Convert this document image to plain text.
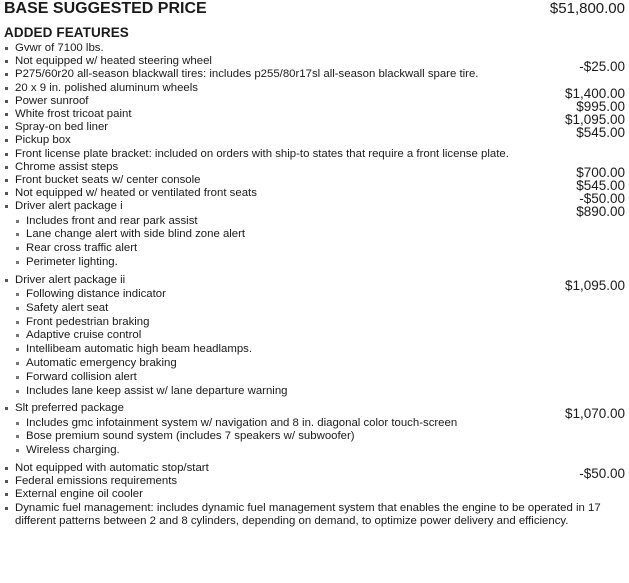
BASE SUGGESTED PRICE	$51,800.00
ADDED FEATURES
Gvwr of 7100 lbs.
Not equipped w/ heated steering wheel	-$25.00
P275/60r20 all-season blackwall tires: includes p255/80r17sl all-season blackwall spare tire.
20 x 9 in. polished aluminum wheels	$1,400.00
Power sunroof	$995.00
White frost tricoat paint	$1,095.00
Spray-on bed liner	$545.00
Pickup box
Front license plate bracket: included on orders with ship-to states that require a front license plate.
Chrome assist steps	$700.00
Front bucket seats w/ center console	$545.00
Not equipped w/ heated or ventilated front seats	-$50.00
Driver alert package i	$890.00
Includes front and rear park assist
Lane change alert with side blind zone alert
Rear cross traffic alert
Perimeter lighting.
Driver alert package ii	$1,095.00
Following distance indicator
Safety alert seat
Front pedestrian braking
Adaptive cruise control
Intellibeam automatic high beam headlamps.
Automatic emergency braking
Forward collision alert
Includes lane keep assist w/ lane departure warning
Slt preferred package	$1,070.00
Includes gmc infotainment system w/ navigation and 8 in. diagonal color touch-screen
Bose premium sound system (includes 7 speakers w/ subwoofer)
Wireless charging.
Not equipped with automatic stop/start	-$50.00
Federal emissions requirements
External engine oil cooler
Dynamic fuel management: includes dynamic fuel management system that enables the engine to be operated in 17 different patterns between 2 and 8 cylinders, depending on demand, to optimize power delivery and efficiency.
